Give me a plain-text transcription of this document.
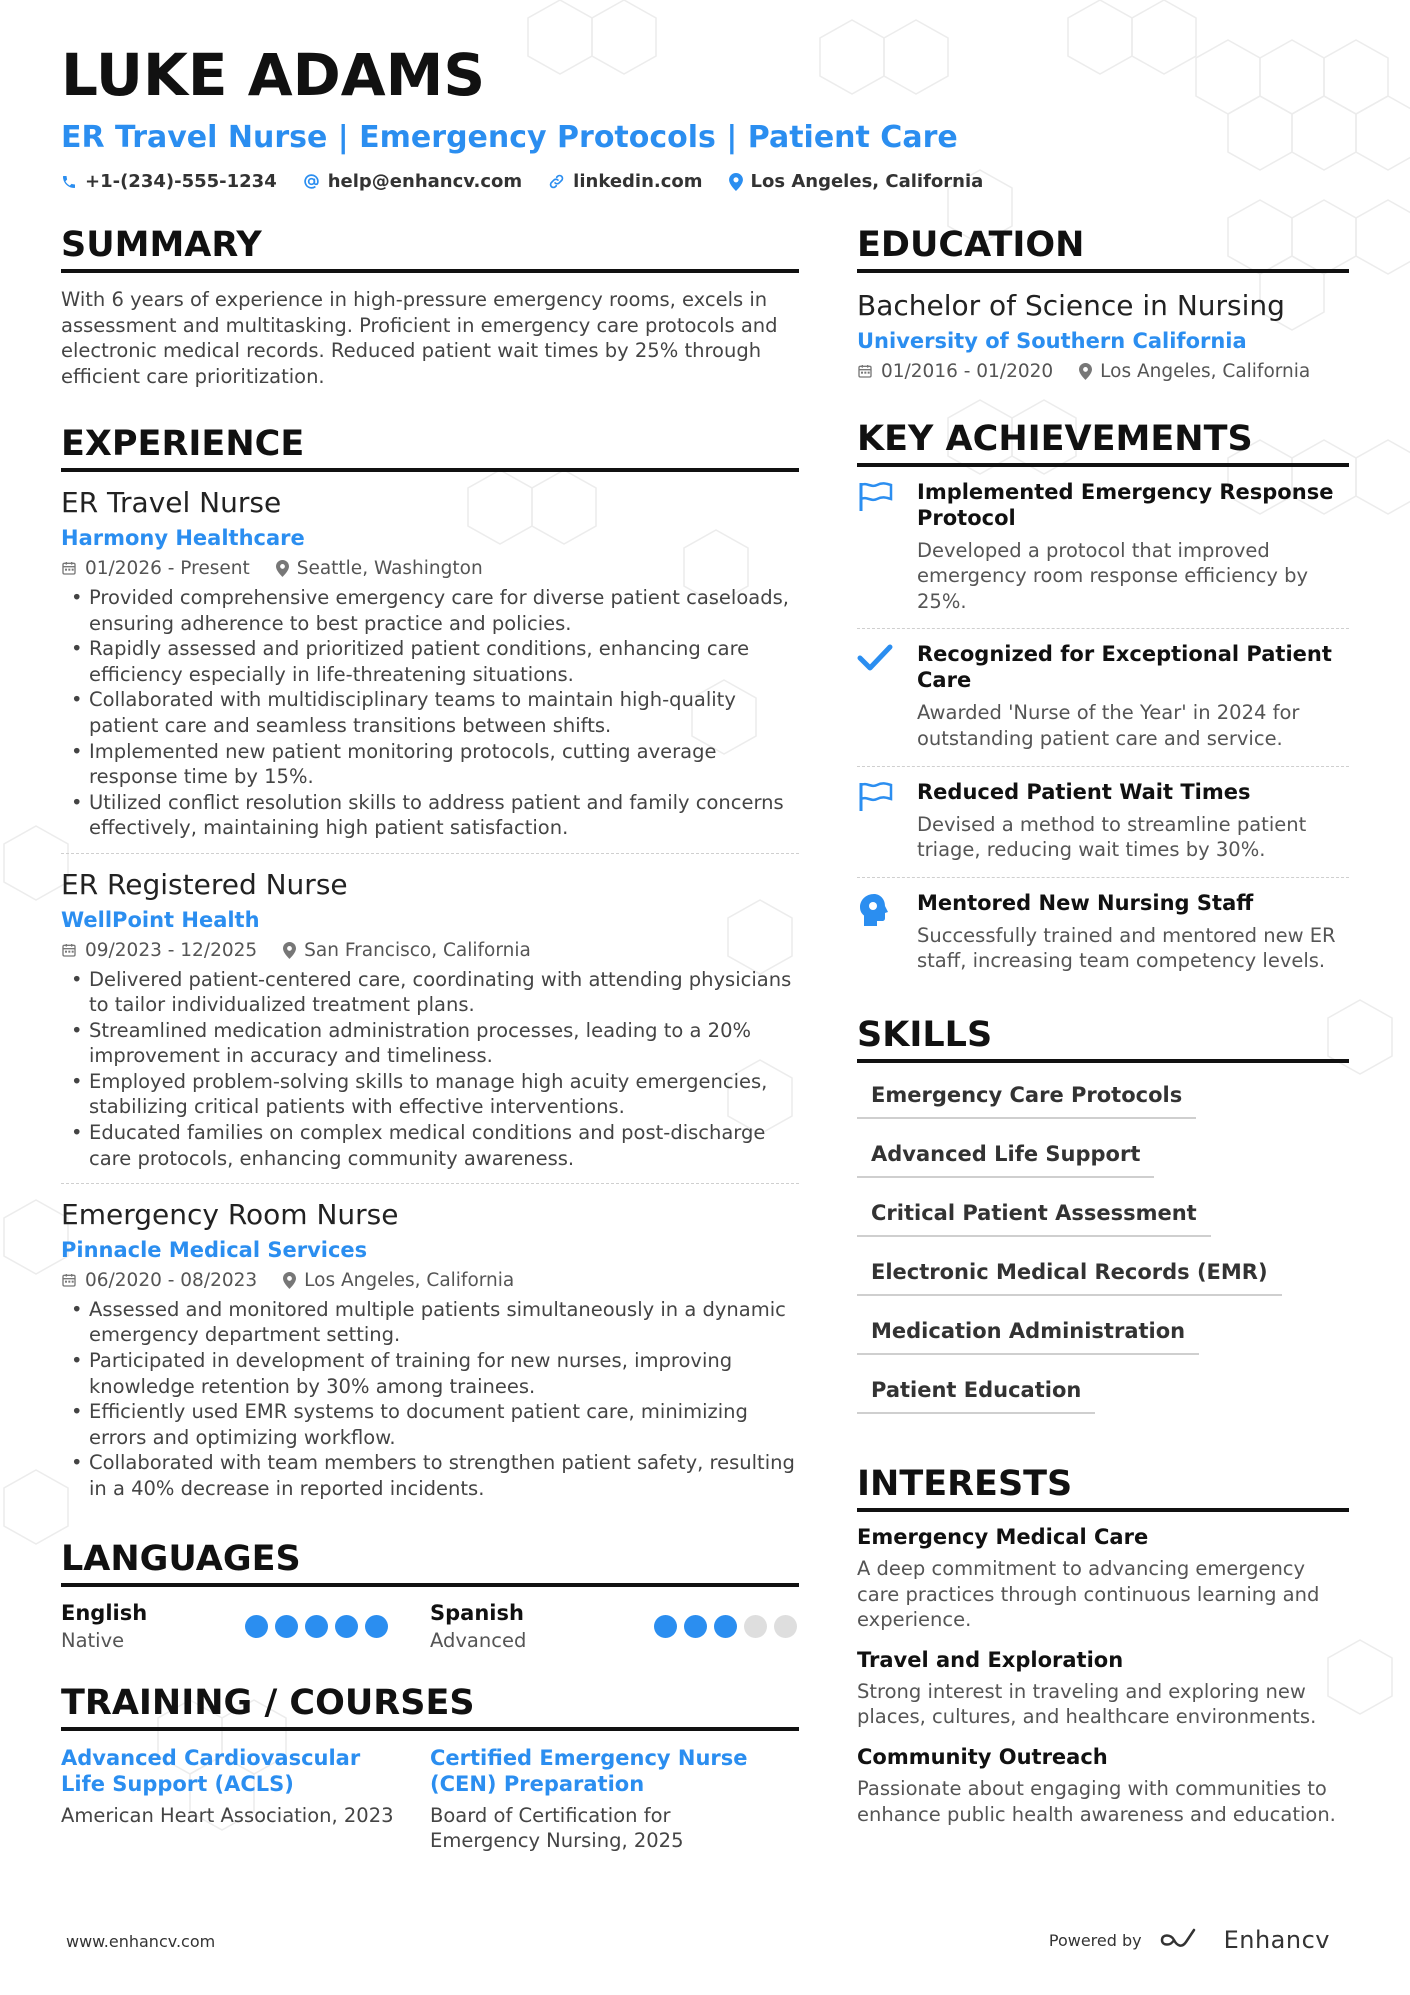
LUKE ADAMS
ER Travel Nurse | Emergency Protocols | Patient Care
+1-(234)-555-1234	help@enhancv.com	linkedin.com	Los Angeles, California
SUMMARY
With 6 years of experience in high-pressure emergency rooms, excels in assessment and multitasking. Proficient in emergency care protocols and electronic medical records. Reduced patient wait times by 25% through efficient care prioritization.
EXPERIENCE
ER Travel Nurse
Harmony Healthcare
01/2026 - Present	Seattle, Washington
• Provided comprehensive emergency care for diverse patient caseloads, ensuring adherence to best practice and policies.
• Rapidly assessed and prioritized patient conditions, enhancing care efficiency especially in life-threatening situations.
• Collaborated with multidisciplinary teams to maintain high-quality patient care and seamless transitions between shifts.
• Implemented new patient monitoring protocols, cutting average response time by 15%.
• Utilized conflict resolution skills to address patient and family concerns effectively, maintaining high patient satisfaction.
ER Registered Nurse
WellPoint Health
09/2023 - 12/2025	San Francisco, California
• Delivered patient-centered care, coordinating with attending physicians to tailor individualized treatment plans.
• Streamlined medication administration processes, leading to a 20% improvement in accuracy and timeliness.
• Employed problem-solving skills to manage high acuity emergencies, stabilizing critical patients with effective interventions.
• Educated families on complex medical conditions and post-discharge care protocols, enhancing community awareness.
Emergency Room Nurse
Pinnacle Medical Services
06/2020 - 08/2023	Los Angeles, California
• Assessed and monitored multiple patients simultaneously in a dynamic emergency department setting.
• Participated in development of training for new nurses, improving knowledge retention by 30% among trainees.
• Efficiently used EMR systems to document patient care, minimizing errors and optimizing workflow.
• Collaborated with team members to strengthen patient safety, resulting in a 40% decrease in reported incidents.
LANGUAGES
English
Native
Spanish
Advanced
TRAINING / COURSES
Advanced Cardiovascular Life Support (ACLS)
American Heart Association, 2023
Certified Emergency Nurse (CEN) Preparation
Board of Certification for Emergency Nursing, 2025
EDUCATION
Bachelor of Science in Nursing
University of Southern California
01/2016 - 01/2020	Los Angeles, California
KEY ACHIEVEMENTS
Implemented Emergency Response Protocol
Developed a protocol that improved emergency room response efficiency by 25%.
Recognized for Exceptional Patient Care
Awarded 'Nurse of the Year' in 2024 for outstanding patient care and service.
Reduced Patient Wait Times
Devised a method to streamline patient triage, reducing wait times by 30%.
Mentored New Nursing Staff
Successfully trained and mentored new ER staff, increasing team competency levels.
SKILLS
Emergency Care Protocols
Advanced Life Support
Critical Patient Assessment
Electronic Medical Records (EMR)
Medication Administration
Patient Education
INTERESTS
Emergency Medical Care
A deep commitment to advancing emergency care practices through continuous learning and experience.
Travel and Exploration
Strong interest in traveling and exploring new places, cultures, and healthcare environments.
Community Outreach
Passionate about engaging with communities to enhance public health awareness and education.
www.enhancv.com	Powered by	Enhancv
